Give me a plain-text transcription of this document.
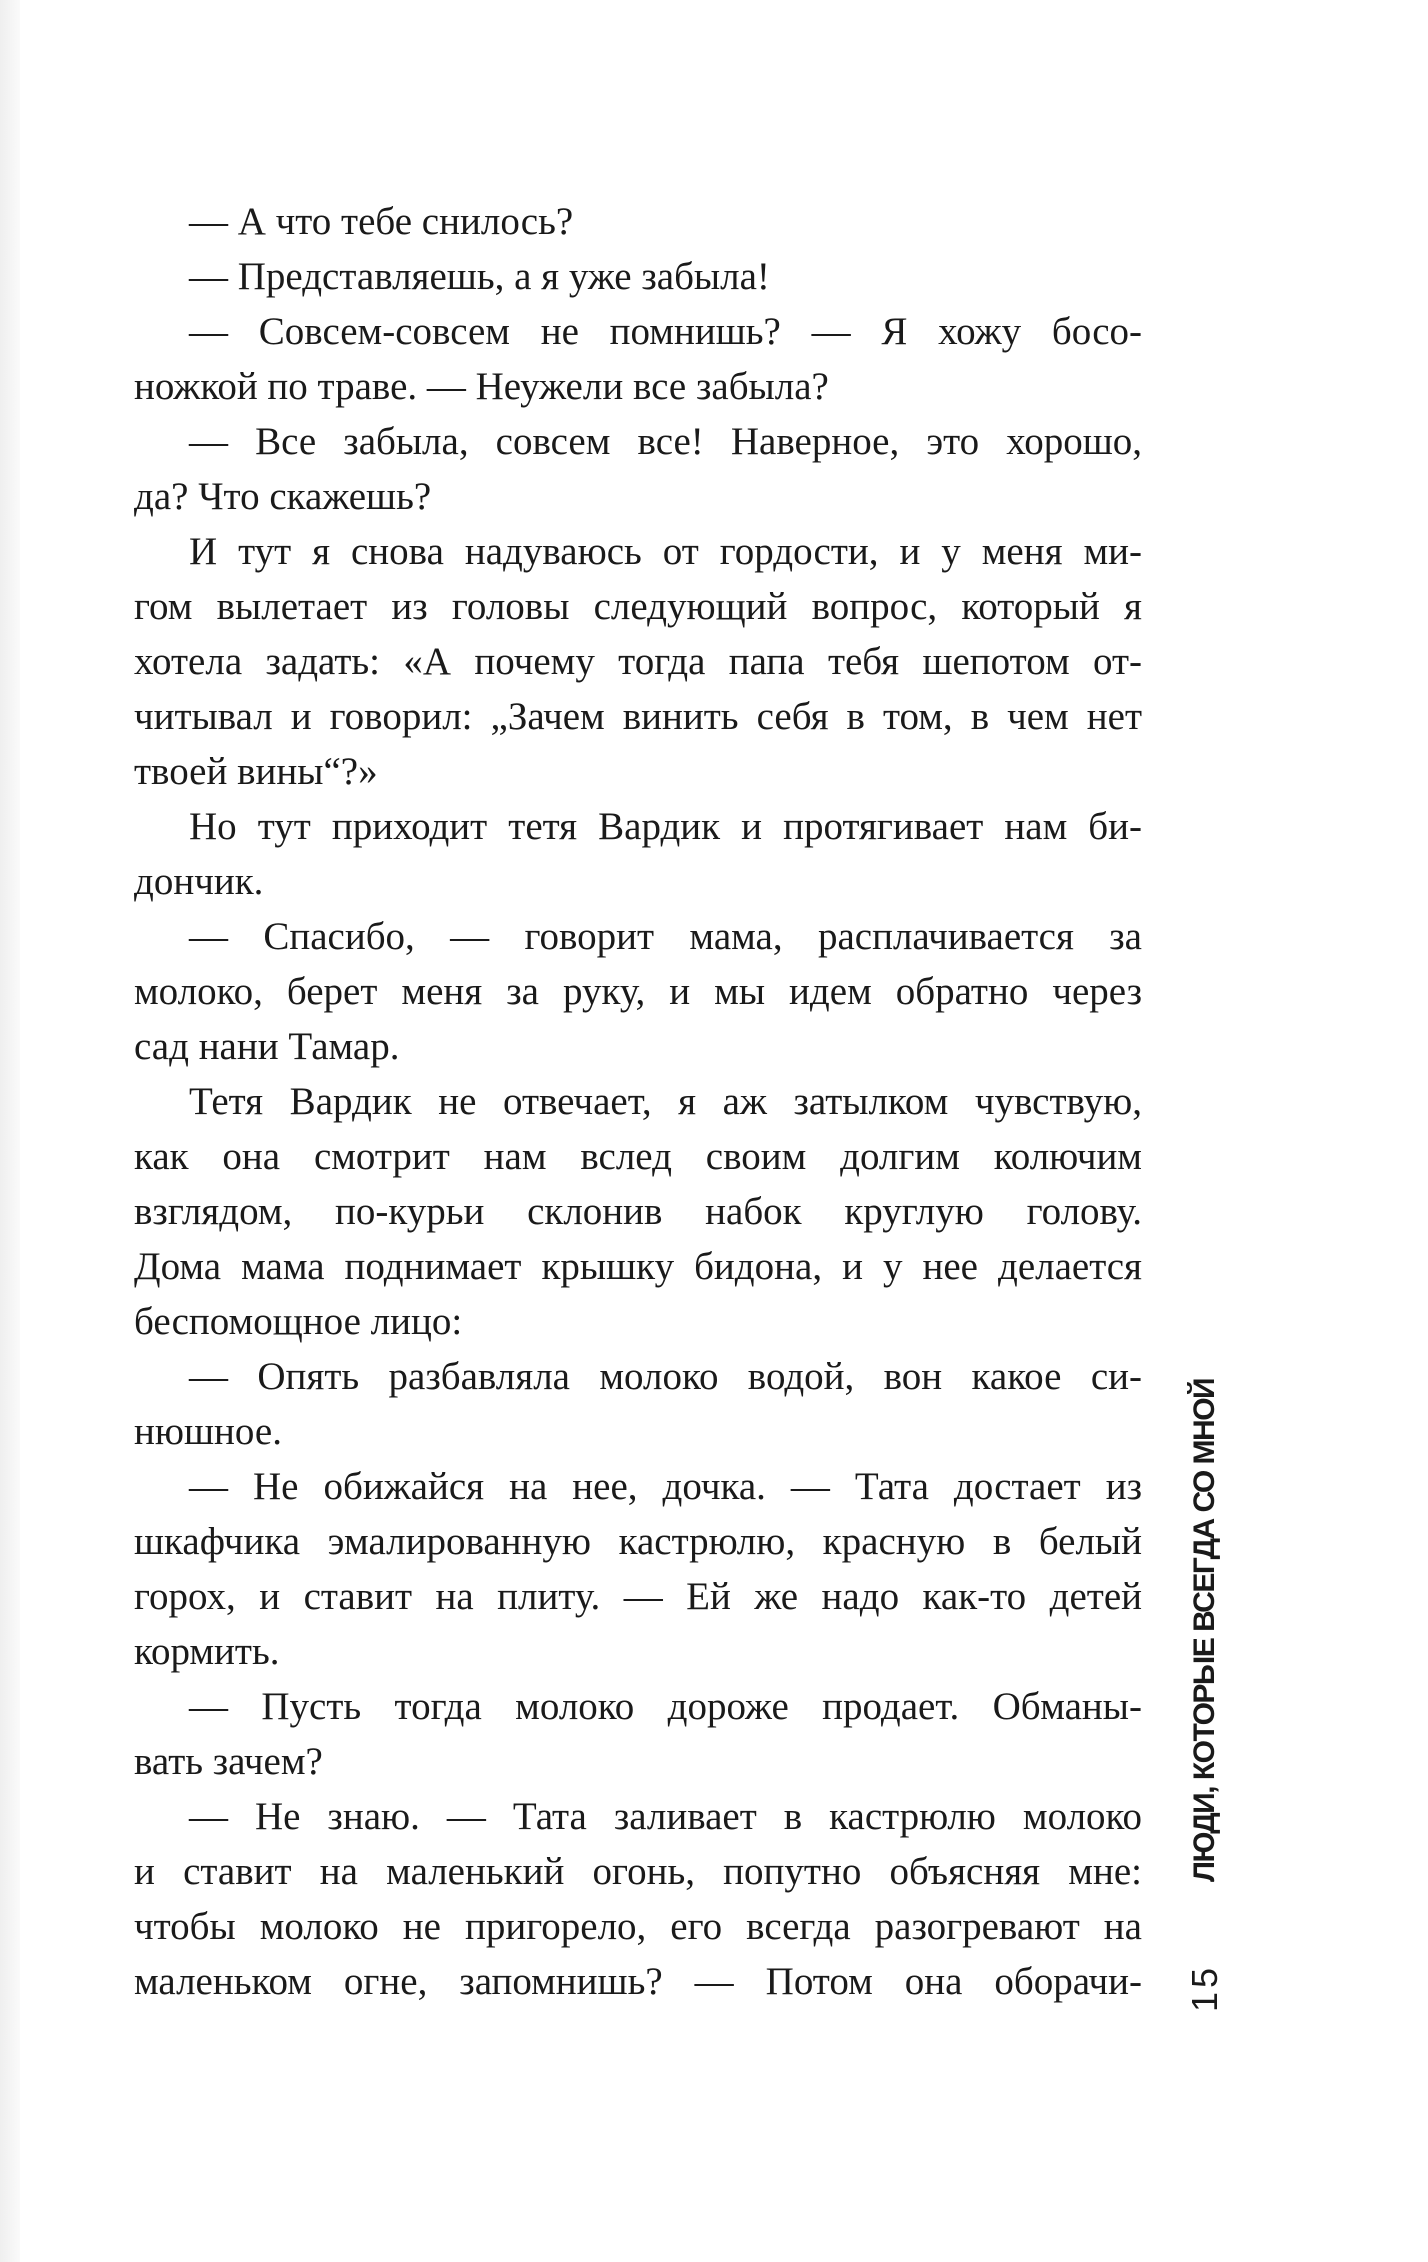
— А что тебе снилось?
— Представляешь, а я уже забыла!
— Совсем-совсем не помнишь? — Я хожу босо-
ножкой по траве. — Неужели все забыла?
— Все забыла, совсем все! Наверное, это хорошо,
да? Что скажешь?
И тут я снова надуваюсь от гордости, и у меня ми-
гом вылетает из головы следующий вопрос, который я
хотела задать: «А почему тогда папа тебя шепотом от-
читывал и говорил: „Зачем винить себя в том, в чем нет
твоей вины“?»
Но тут приходит тетя Вардик и протягивает нам би-
дончик.
— Спасибо, — говорит мама, расплачивается за
молоко, берет меня за руку, и мы идем обратно через
сад нани Тамар.
Тетя Вардик не отвечает, я аж затылком чувствую,
как она смотрит нам вслед своим долгим колючим
взглядом, по-курьи склонив набок круглую голову.
Дома мама поднимает крышку бидона, и у нее делается
беспомощное лицо:
— Опять разбавляла молоко водой, вон какое си-
нюшное.
— Не обижайся на нее, дочка. — Тата достает из
шкафчика эмалированную кастрюлю, красную в белый
горох, и ставит на плиту. — Ей же надо как-то детей
кормить.
— Пусть тогда молоко дороже продает. Обманы-
вать зачем?
— Не знаю. — Тата заливает в кастрюлю молоко
и ставит на маленький огонь, попутно объясняя мне:
чтобы молоко не пригорело, его всегда разогревают на
маленьком огне, запомнишь? — Потом она оборачи-
ЛЮДИ, КОТОРЫЕ ВСЕГДА СО МНОЙ
15
